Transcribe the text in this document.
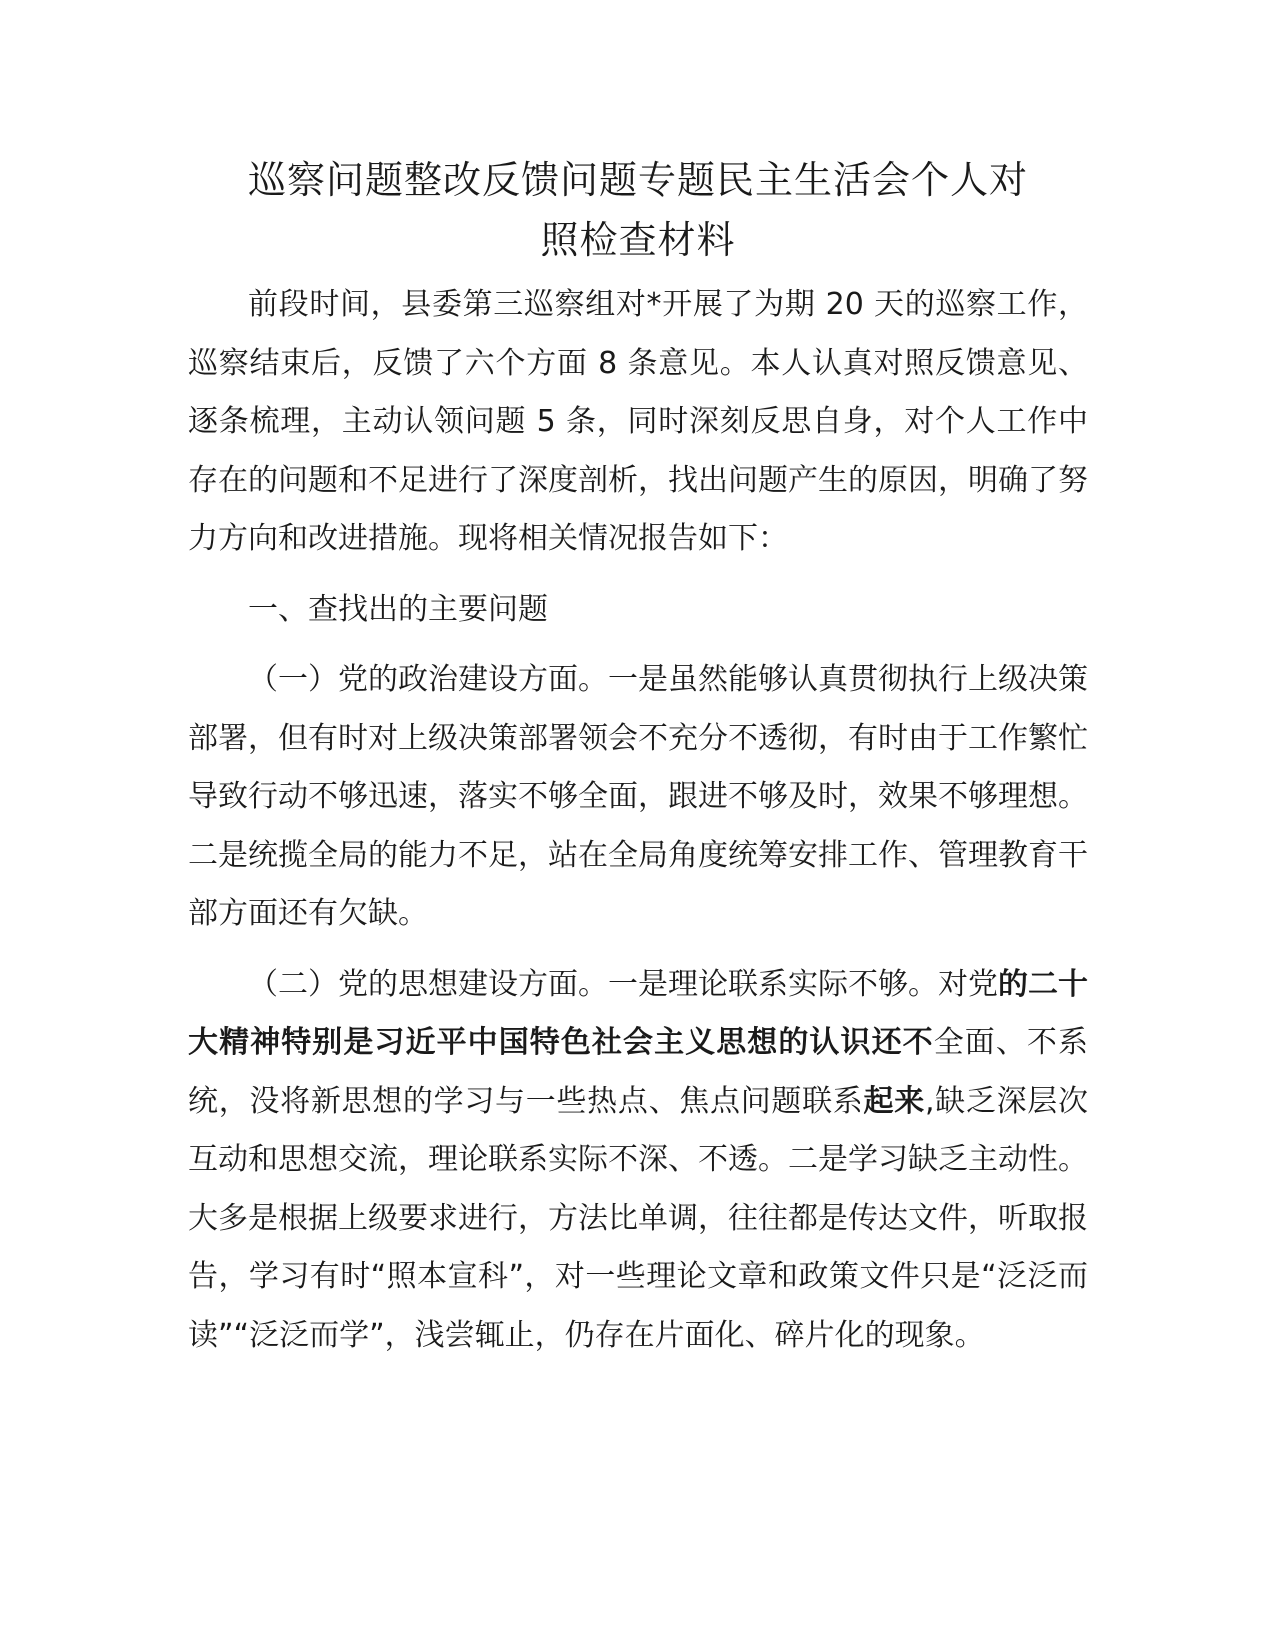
巡察问题整改反馈问题专题民主生活会个人对
照检查材料

前段时间，县委第三巡察组对*开展了为期 20 天的巡察工作，巡察结束后，反馈了六个方面 8 条意见。本人认真对照反馈意见、逐条梳理，主动认领问题 5 条，同时深刻反思自身，对个人工作中存在的问题和不足进行了深度剖析，找出问题产生的原因，明确了努力方向和改进措施。现将相关情况报告如下：

一、查找出的主要问题

（一）党的政治建设方面。一是虽然能够认真贯彻执行上级决策部署，但有时对上级决策部署领会不充分不透彻，有时由于工作繁忙导致行动不够迅速，落实不够全面，跟进不够及时，效果不够理想。二是统揽全局的能力不足，站在全局角度统筹安排工作、管理教育干部方面还有欠缺。

（二）党的思想建设方面。一是理论联系实际不够。对党的二十大精神特别是习近平中国特色社会主义思想的认识还不全面、不系统，没将新思想的学习与一些热点、焦点问题联系起来,缺乏深层次互动和思想交流，理论联系实际不深、不透。二是学习缺乏主动性。大多是根据上级要求进行，方法比单调，往往都是传达文件，听取报告，学习有时“照本宣科”，对一些理论文章和政策文件只是“泛泛而读”“泛泛而学”，浅尝辄止，仍存在片面化、碎片化的现象。
